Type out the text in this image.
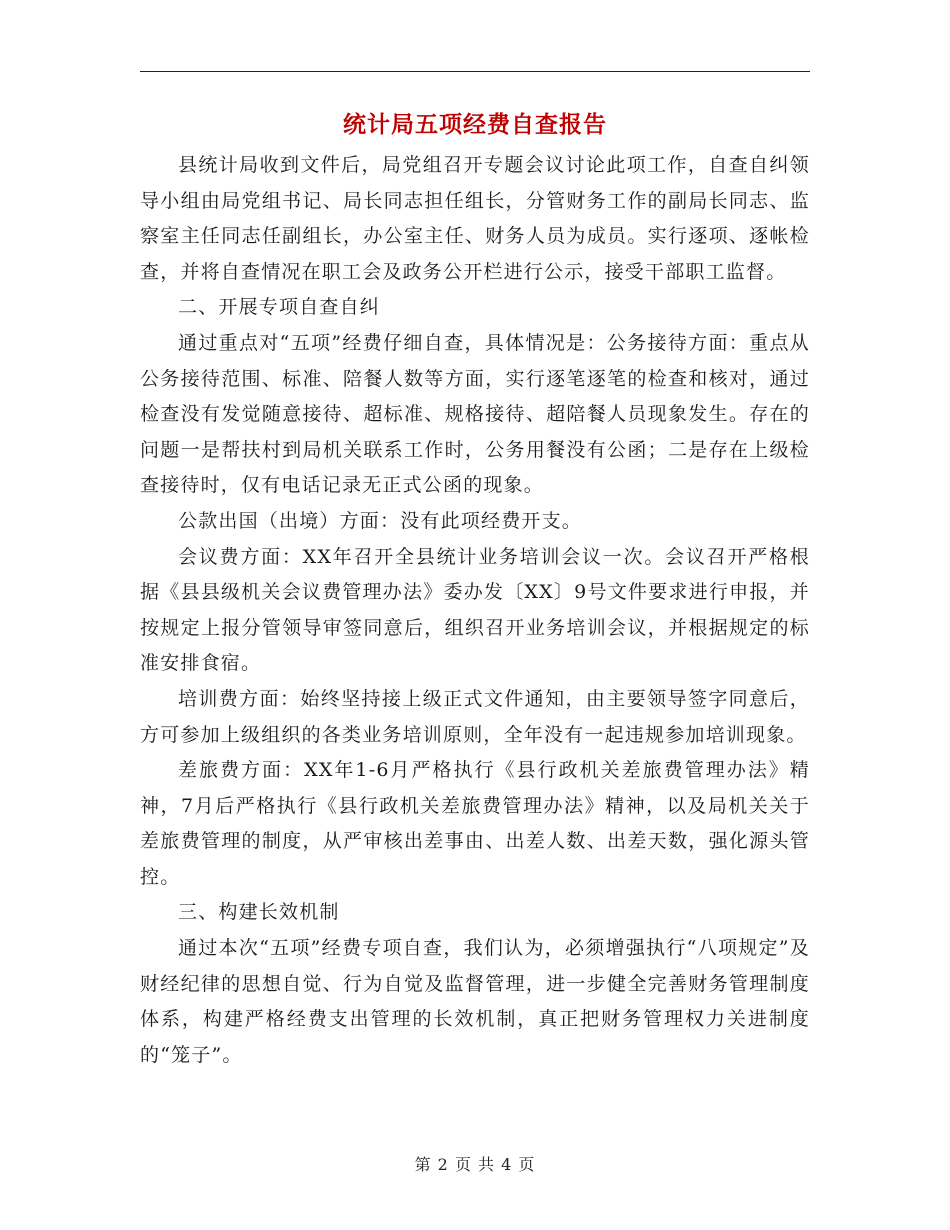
统计局五项经费自查报告

县统计局收到文件后，局党组召开专题会议讨论此项工作，自查自纠领导小组由局党组书记、局长同志担任组长，分管财务工作的副局长同志、监察室主任同志任副组长，办公室主任、财务人员为成员。实行逐项、逐帐检查，并将自查情况在职工会及政务公开栏进行公示，接受干部职工监督。

二、开展专项自查自纠

通过重点对“五项”经费仔细自查，具体情况是：公务接待方面：重点从公务接待范围、标准、陪餐人数等方面，实行逐笔逐笔的检查和核对，通过检查没有发觉随意接待、超标准、规格接待、超陪餐人员现象发生。存在的问题一是帮扶村到局机关联系工作时，公务用餐没有公函；二是存在上级检查接待时，仅有电话记录无正式公函的现象。

公款出国（出境）方面：没有此项经费开支。

会议费方面：XX年召开全县统计业务培训会议一次。会议召开严格根据《县县级机关会议费管理办法》委办发〔XX〕9号文件要求进行申报，并按规定上报分管领导审签同意后，组织召开业务培训会议，并根据规定的标准安排食宿。

培训费方面：始终坚持接上级正式文件通知，由主要领导签字同意后，方可参加上级组织的各类业务培训原则，全年没有一起违规参加培训现象。

差旅费方面：XX年1-6月严格执行《县行政机关差旅费管理办法》精神，7月后严格执行《县行政机关差旅费管理办法》精神，以及局机关关于差旅费管理的制度，从严审核出差事由、出差人数、出差天数，强化源头管控。

三、构建长效机制

通过本次“五项”经费专项自查，我们认为，必须增强执行“八项规定”及财经纪律的思想自觉、行为自觉及监督管理，进一步健全完善财务管理制度体系，构建严格经费支出管理的长效机制，真正把财务管理权力关进制度的“笼子”。

第 2 页 共 4 页
